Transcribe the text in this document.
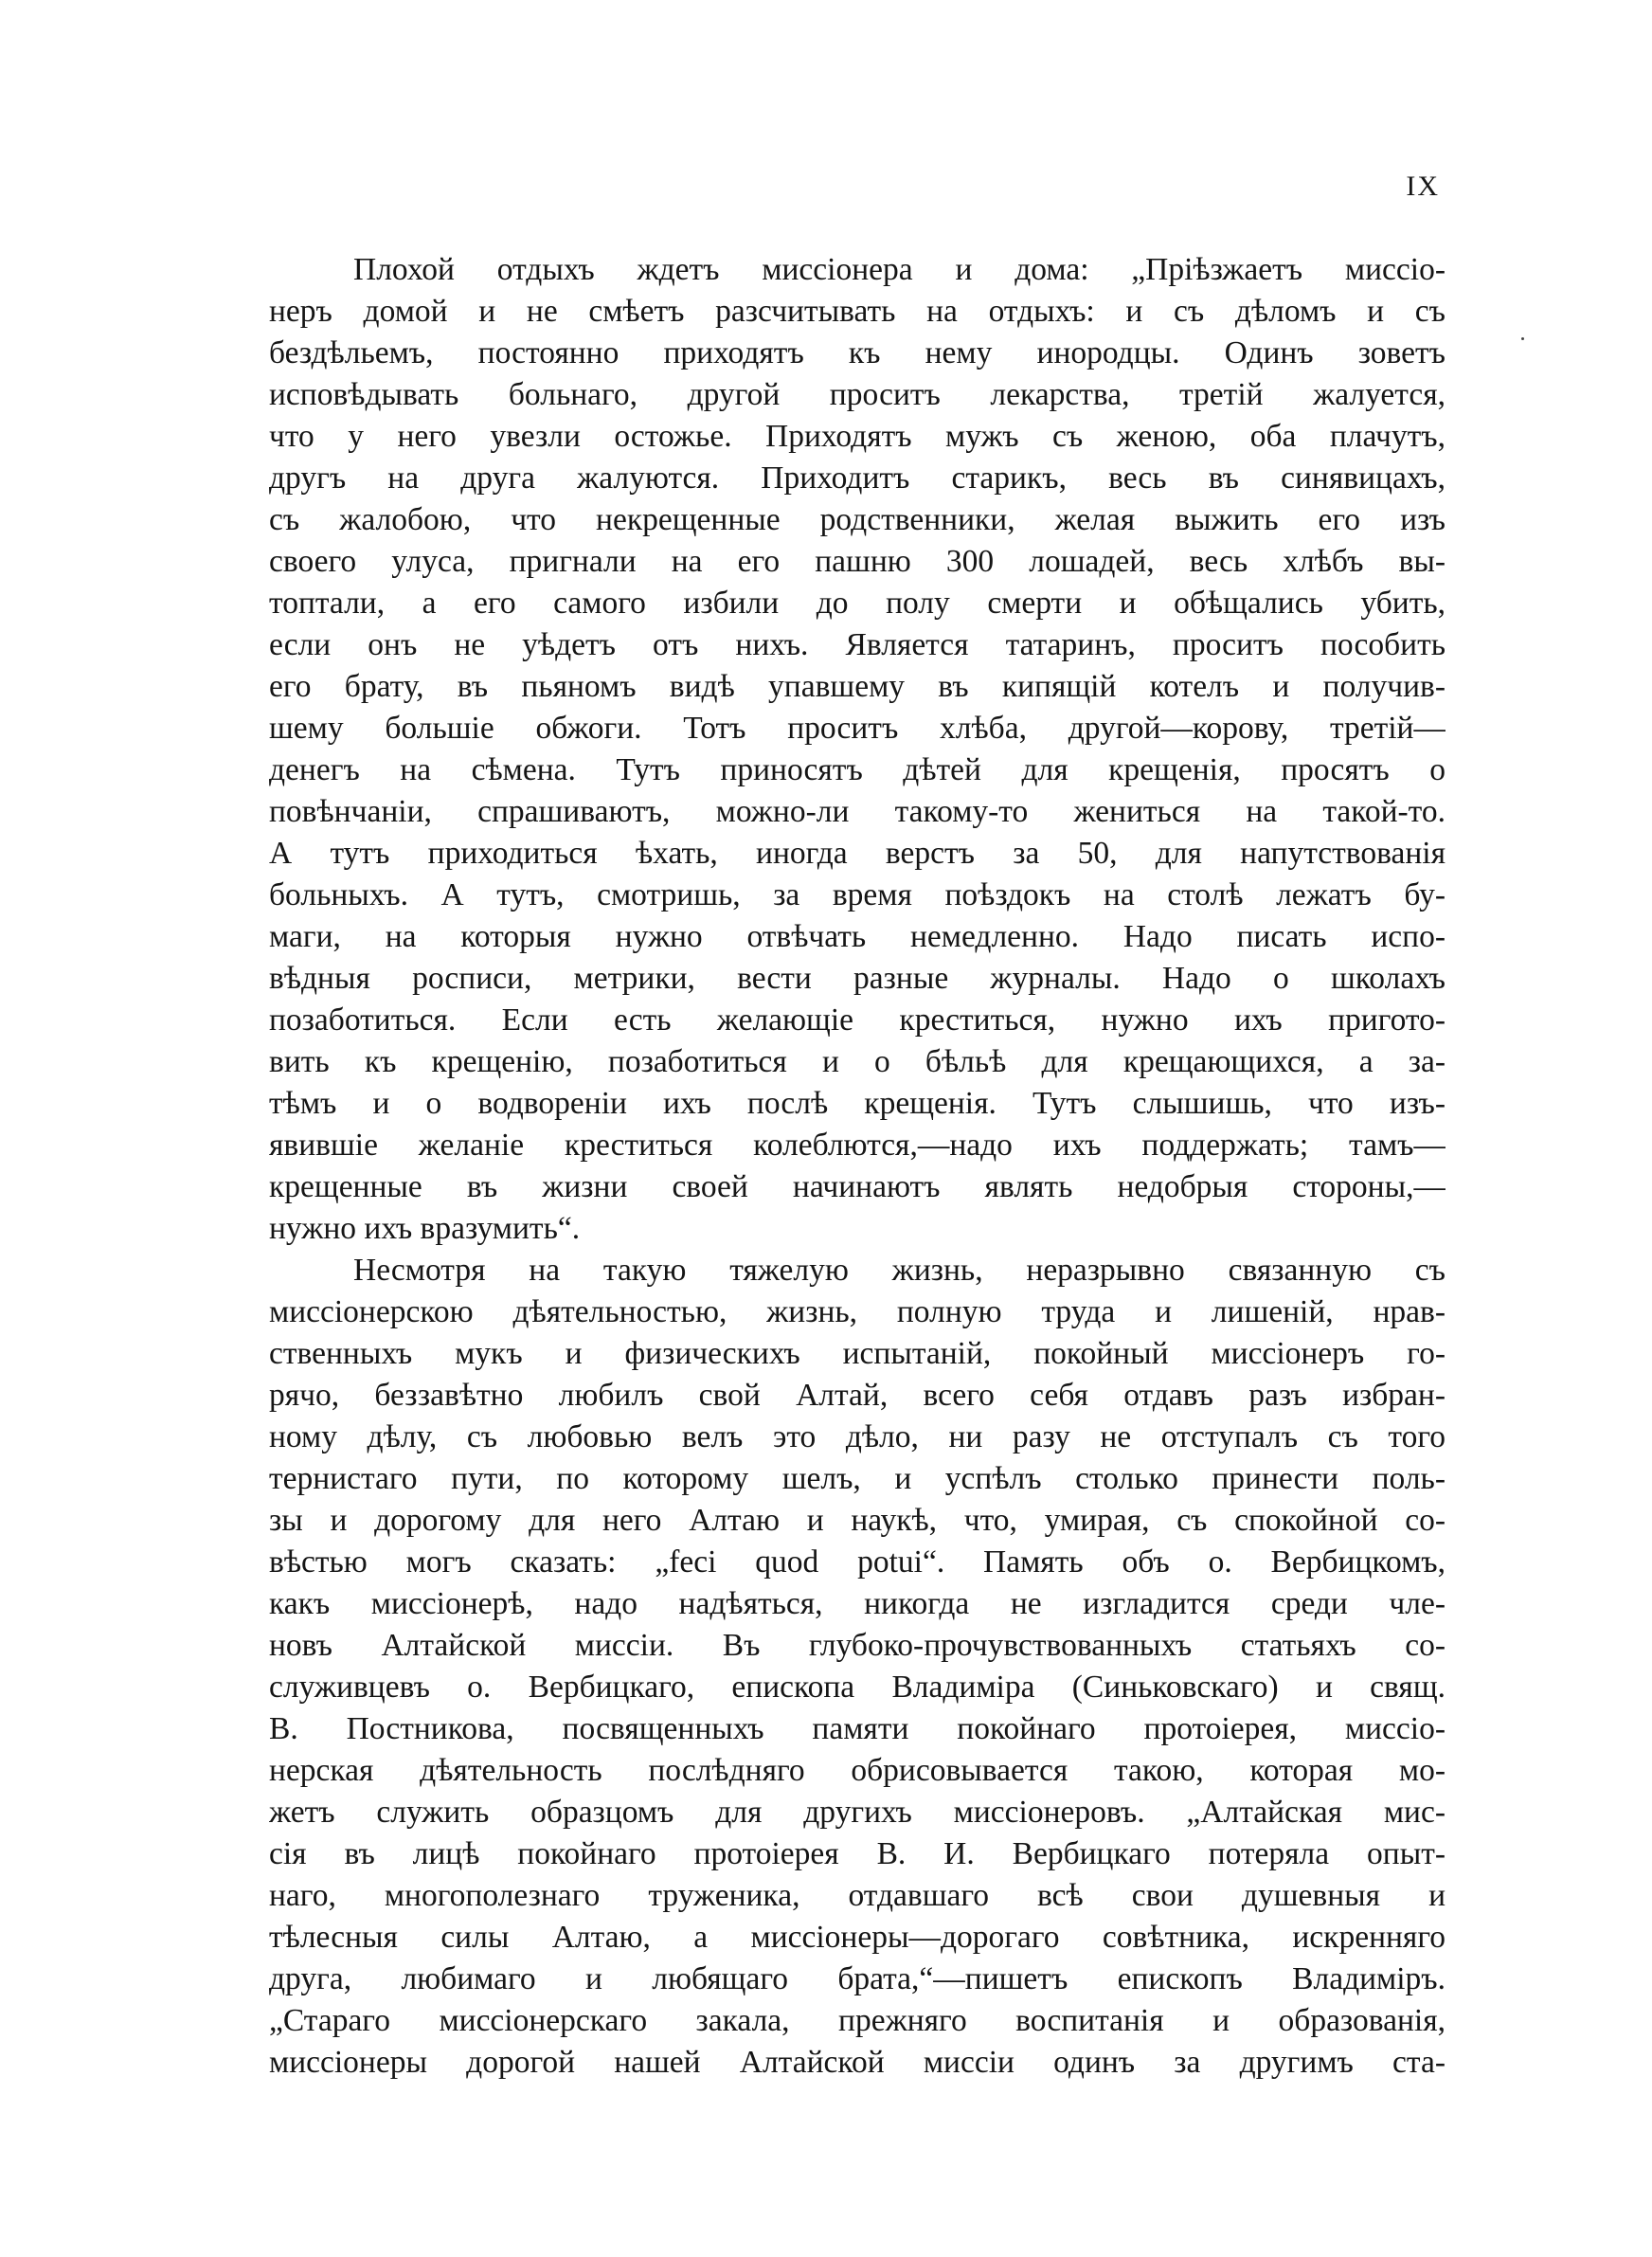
IX
Плохой отдыхъ ждетъ миссіонера и дома: „Пріѣзжаетъ миссіо-
неръ домой и не смѣетъ разсчитывать на отдыхъ: и съ дѣломъ и съ
бездѣльемъ, постоянно приходятъ къ нему инородцы. Одинъ зоветъ
исповѣдывать больнаго, другой проситъ лекарства, третій жалуется,
что у него увезли остожье. Приходятъ мужъ съ женою, оба плачутъ,
другъ на друга жалуются. Приходитъ старикъ, весь въ синявицахъ,
съ жалобою, что некрещенные родственники, желая выжить его изъ
своего улуса, пригнали на его пашню 300 лошадей, весь хлѣбъ вы-
топтали, а его самого избили до полу смерти и обѣщались убить,
если онъ не уѣдетъ отъ нихъ. Является татаринъ, проситъ пособить
его брату, въ пьяномъ видѣ упавшему въ кипящій котелъ и получив-
шему большіе обжоги. Тотъ проситъ хлѣба, другой—корову, третій—
денегъ на сѣмена. Тутъ приносятъ дѣтей для крещенія, просятъ о
повѣнчаніи, спрашиваютъ, можно-ли такому-то жениться на такой-то.
А тутъ приходиться ѣхать, иногда верстъ за 50, для напутствованія
больныхъ. А тутъ, смотришь, за время поѣздокъ на столѣ лежатъ бу-
маги, на которыя нужно отвѣчать немедленно. Надо писать испо-
вѣдныя росписи, метрики, вести разные журналы. Надо о школахъ
позаботиться. Если есть желающіе креститься, нужно ихъ пригото-
вить къ крещенію, позаботиться и о бѣльѣ для крещающихся, а за-
тѣмъ и о водвореніи ихъ послѣ крещенія. Тутъ слышишь, что изъ-
явившіе желаніе креститься колеблются,—надо ихъ поддержать; тамъ—
крещенные въ жизни своей начинаютъ являть недобрыя стороны,—
нужно ихъ вразумить“.
Несмотря на такую тяжелую жизнь, неразрывно связанную съ
миссіонерскою дѣятельностью, жизнь, полную труда и лишеній, нрав-
ственныхъ мукъ и физическихъ испытаній, покойный миссіонеръ го-
рячо, беззавѣтно любилъ свой Алтай, всего себя отдавъ разъ избран-
ному дѣлу, съ любовью велъ это дѣло, ни разу не отступалъ съ того
тернистаго пути, по которому шелъ, и успѣлъ столько принести поль-
зы и дорогому для него Алтаю и наукѣ, что, умирая, съ спокойной со-
вѣстью могъ сказать: „feci quod potui“. Память объ о. Вербицкомъ,
какъ миссіонерѣ, надо надѣяться, никогда не изгладится среди чле-
новъ Алтайской миссіи. Въ глубоко-прочувствованныхъ статьяхъ со-
служивцевъ о. Вербицкаго, епископа Владиміра (Синьковскаго) и свящ.
В. Постникова, посвященныхъ памяти покойнаго протоіерея, миссіо-
нерская дѣятельность послѣдняго обрисовывается такою, которая мо-
жетъ служить образцомъ для другихъ миссіонеровъ. „Алтайская мис-
сія въ лицѣ покойнаго протоіерея В. И. Вербицкаго потеряла опыт-
наго, многополезнаго труженика, отдавшаго всѣ свои душевныя и
тѣлесныя силы Алтаю, а миссіонеры—дорогаго совѣтника, искренняго
друга, любимаго и любящаго брата,“—пишетъ епископъ Владиміръ.
„Стараго миссіонерскаго закала, прежняго воспитанія и образованія,
миссіонеры дорогой нашей Алтайской миссіи одинъ за другимъ ста-
